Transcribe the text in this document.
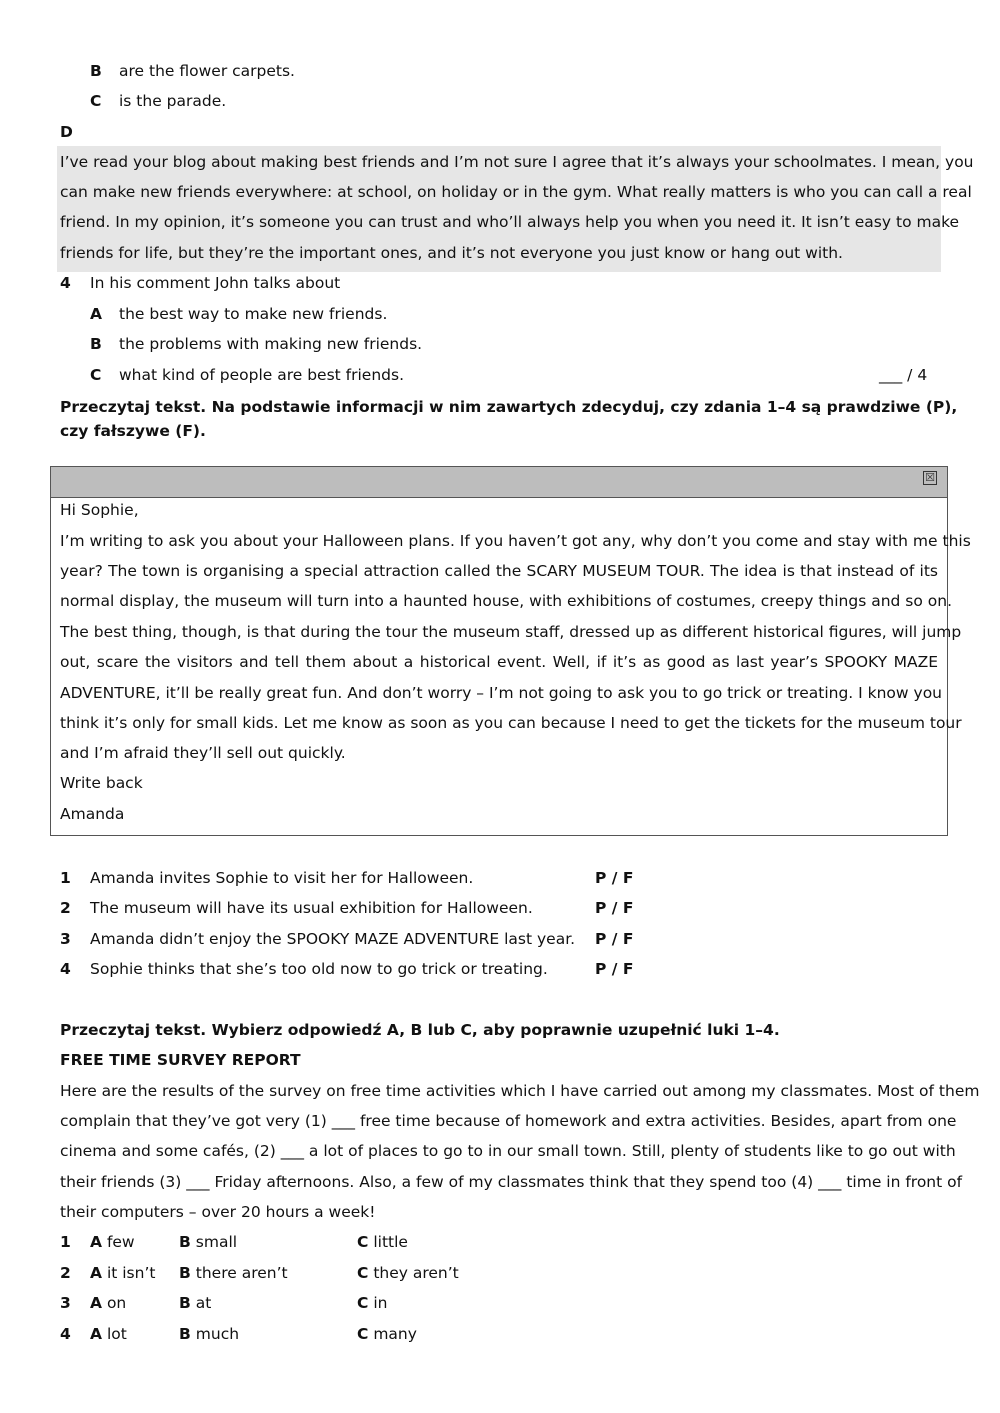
B are the flower carpets.
C is the parade.
D
I’ve read your blog about making best friends and I’m not sure I agree that it’s always your schoolmates. I mean, you
can make new friends everywhere: at school, on holiday or in the gym. What really matters is who you can call a real
friend. In my opinion, it’s someone you can trust and who’ll always help you when you need it. It isn’t easy to make
friends for life, but they’re the important ones, and it’s not everyone you just know or hang out with.
4 In his comment John talks about
A the best way to make new friends.
B the problems with making new friends.
C what kind of people are best friends.	___ / 4
Przeczytaj tekst. Na podstawie informacji w nim zawartych zdecyduj, czy zdania 1–4 są prawdziwe (P),
czy fałszywe (F).
☒
Hi Sophie,
I’m writing to ask you about your Halloween plans. If you haven’t got any, why don’t you come and stay with me this
year? The town is organising a special attraction called the SCARY MUSEUM TOUR. The idea is that instead of its
normal display, the museum will turn into a haunted house, with exhibitions of costumes, creepy things and so on.
The best thing, though, is that during the tour the museum staff, dressed up as different historical figures, will jump
out, scare the visitors and tell them about a historical event. Well, if it’s as good as last year’s SPOOKY MAZE
ADVENTURE, it’ll be really great fun. And don’t worry – I’m not going to ask you to go trick or treating. I know you
think it’s only for small kids. Let me know as soon as you can because I need to get the tickets for the museum tour
and I’m afraid they’ll sell out quickly.
Write back
Amanda
1 Amanda invites Sophie to visit her for Halloween.	P / F
2 The museum will have its usual exhibition for Halloween.	P / F
3 Amanda didn’t enjoy the SPOOKY MAZE ADVENTURE last year. P / F
4 Sophie thinks that she’s too old now to go trick or treating.	P / F
Przeczytaj tekst. Wybierz odpowiedź A, B lub C, aby poprawnie uzupełnić luki 1–4.
FREE TIME SURVEY REPORT
Here are the results of the survey on free time activities which I have carried out among my classmates. Most of them
complain that they’ve got very (1) ___ free time because of homework and extra activities. Besides, apart from one
cinema and some cafés, (2) ___ a lot of places to go to in our small town. Still, plenty of students like to go out with
their friends (3) ___ Friday afternoons. Also, a few of my classmates think that they spend too (4) ___ time in front of
their computers – over 20 hours a week!
1 A few	B small	C little
2 A it isn’t B there aren’t	C they aren’t
3 A on	B at	C in
4 A lot	B much	C many
